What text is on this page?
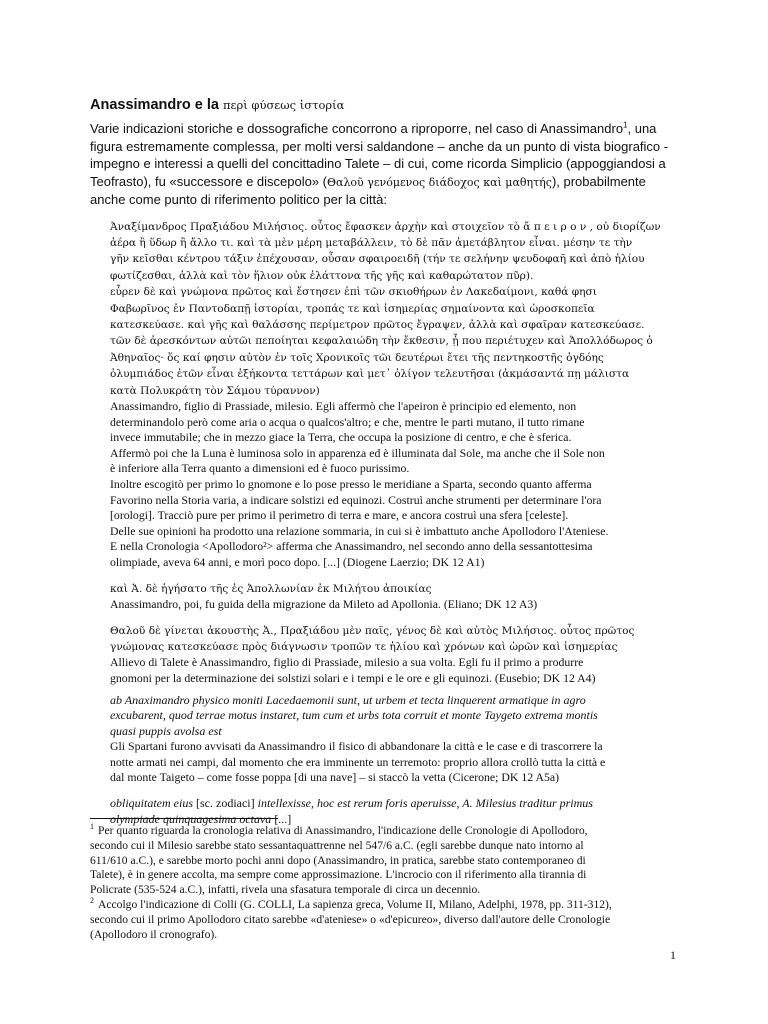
Anassimandro e la περὶ φύσεως ἱστορία

Varie indicazioni storiche e dossografiche concorrono a riproporre, nel caso di Anassimandro$^1$, una figura estremamente complessa, per molti versi saldandone – anche da un punto di vista biografico - impegno e interessi a quelli del concittadino Talete – di cui, come ricorda Simplicio (appoggiandosi a Teofrasto), fu «successore e discepolo» (Θαλοῦ γενόμενος διάδοχος καὶ μαθητής), probabilmente anche come punto di riferimento politico per la città:

Ἀναξίμανδρος Πραξιάδου Μιλήσιος. οὗτος ἔφασκεν ἀρχὴν καὶ στοιχεῖον τὸ ἄ π ε ι ρ ο ν , οὐ διορίζων

ἀέρα ἢ ὕδωρ ἢ ἄλλο τι. καὶ τὰ μὲν μέρη μεταβάλλειν, τὸ δὲ πᾶν ἀμετάβλητον εἶναι. μέσην τε τὴν

γῆν κεῖσθαι κέντρου τάξιν ἐπέχουσαν, οὖσαν σφαιροειδῆ (τήν τε σελήνην ψευδοφαῆ καὶ ἀπὸ ἡλίου

φωτίζεσθαι, ἀλλὰ καὶ τὸν ἥλιον οὐκ ἐλάττονα τῆς γῆς καὶ καθαρώτατον πῦρ).

εὗρεν δὲ καὶ γνώμονα πρῶτος καὶ ἔστησεν ἐπὶ τῶν σκιοθήρων ἐν Λακεδαίμονι, καθά φησι

Φαβωρῖνος ἐν Παντοδαπῇ ἱστορίαι, τροπάς τε καὶ ἰσημερίας σημαίνοντα καὶ ὡροσκοπεῖα

κατεσκεύασε. καὶ γῆς καὶ θαλάσσης περίμετρον πρῶτος ἔγραψεν, ἀλλὰ καὶ σφαῖραν κατεσκεύασε.

τῶν δὲ ἀρεσκόντων αὐτῶι πεποίηται κεφαλαιώδη τὴν ἔκθεσιν, ᾗ που περιέτυχεν καὶ Ἀπολλόδωρος ὁ

Ἀθηναῖος· ὅς καί φησιν αὐτὸν ἐν τοῖς Χρονικοῖς τῶι δευτέρωι ἔτει τῆς πεντηκοστῆς ὀγδόης

ὀλυμπιάδος ἐτῶν εἶναι ἑξήκοντα τεττάρων καὶ μετ᾽ ὀλίγον τελευτῆσαι (ἀκμάσαντά πῃ μάλιστα

κατὰ Πολυκράτη τὸν Σάμου τύραννον)

Anassimandro, figlio di Prassiade, milesio. Egli affermò che l'apeiron è principio ed elemento, non

determinandolo però come aria o acqua o qualcos'altro; e che, mentre le parti mutano, il tutto rimane

invece immutabile; che in mezzo giace la Terra, che occupa la posizione di centro, e che è sferica.

Affermò poi che la Luna è luminosa solo in apparenza ed è illuminata dal Sole, ma anche che il Sole non

è inferiore alla Terra quanto a dimensioni ed è fuoco purissimo.

Inoltre escogitò per primo lo gnomone e lo pose presso le meridiane a Sparta, secondo quanto afferma

Favorino nella Storia varia, a indicare solstizi ed equinozi. Costruì anche strumenti per determinare l'ora

[orologi]. Tracciò pure per primo il perimetro di terra e mare, e ancora costruì una sfera [celeste].

Delle sue opinioni ha prodotto una relazione sommaria, in cui si è imbattuto anche Apollodoro l'Ateniese.

E nella Cronologia <Apollodoro²> afferma che Anassimandro, nel secondo anno della sessantottesima

olimpiade, aveva 64 anni, e morì poco dopo. [...] (Diogene Laerzio; DK 12 A1)

καὶ Ἀ. δὲ ἡγήσατο τῆς ἐς Ἀπολλωνίαν ἐκ Μιλήτου ἀποικίας

Anassimandro, poi, fu guida della migrazione da Mileto ad Apollonia. (Eliano; DK 12 A3)

Θαλοῦ δὲ γίνεται ἀκουστὴς Ἀ., Πραξιάδου μὲν παῖς, γένος δὲ καὶ αὐτὸς Μιλήσιος. οὗτος πρῶτος

γνώμονας κατεσκεύασε πρὸς διάγνωσιν τροπῶν τε ἡλίου καὶ χρόνων καὶ ὡρῶν καὶ ἰσημερίας

Allievo di Talete è Anassimandro, figlio di Prassiade, milesio a sua volta. Egli fu il primo a produrre

gnomoni per la determinazione dei solstizi solari e i tempi e le ore e gli equinozi. (Eusebio; DK 12 A4)

ab Anaximandro physico moniti Lacedaemonii sunt, ut urbem et tecta linquerent armatique in agro

excubarent, quod terrae motus instaret, tum cum et urbs tota corruit et monte Taygeto extrema montis

quasi puppis avolsa est

Gli Spartani furono avvisati da Anassimandro il fisico di abbandonare la città e le case e di trascorrere la

notte armati nei campi, dal momento che era imminente un terremoto: proprio allora crollò tutta la città e

dal monte Taigeto – come fosse poppa [di una nave] – si staccò la vetta (Cicerone; DK 12 A5a)

obliquitatem eius [sc. zodiaci] intellexisse, hoc est rerum foris aperuisse, A. Milesius traditur primus

olympiade quinquagesima octava [...]

$^1$ Per quanto riguarda la cronologia relativa di Anassimandro, l'indicazione delle Cronologie di Apollodoro,
secondo cui il Milesio sarebbe stato sessantaquattrenne nel 547/6 a.C. (egli sarebbe dunque nato intorno al
611/610 a.C.), e sarebbe morto pochi anni dopo (Anassimandro, in pratica, sarebbe stato contemporaneo di
Talete), è in genere accolta, ma sempre come approssimazione. L'incrocio con il riferimento alla tirannia di
Policrate (535-524 a.C.), infatti, rivela una sfasatura temporale di circa un decennio.
$^2$ Accolgo l'indicazione di Colli (G. COLLI, La sapienza greca, Volume II, Milano, Adelphi, 1978, pp. 311-312),
secondo cui il primo Apollodoro citato sarebbe «d'ateniese» o «d'epicureo», diverso dall'autore delle Cronologie
(Apollodoro il cronografo).
1
